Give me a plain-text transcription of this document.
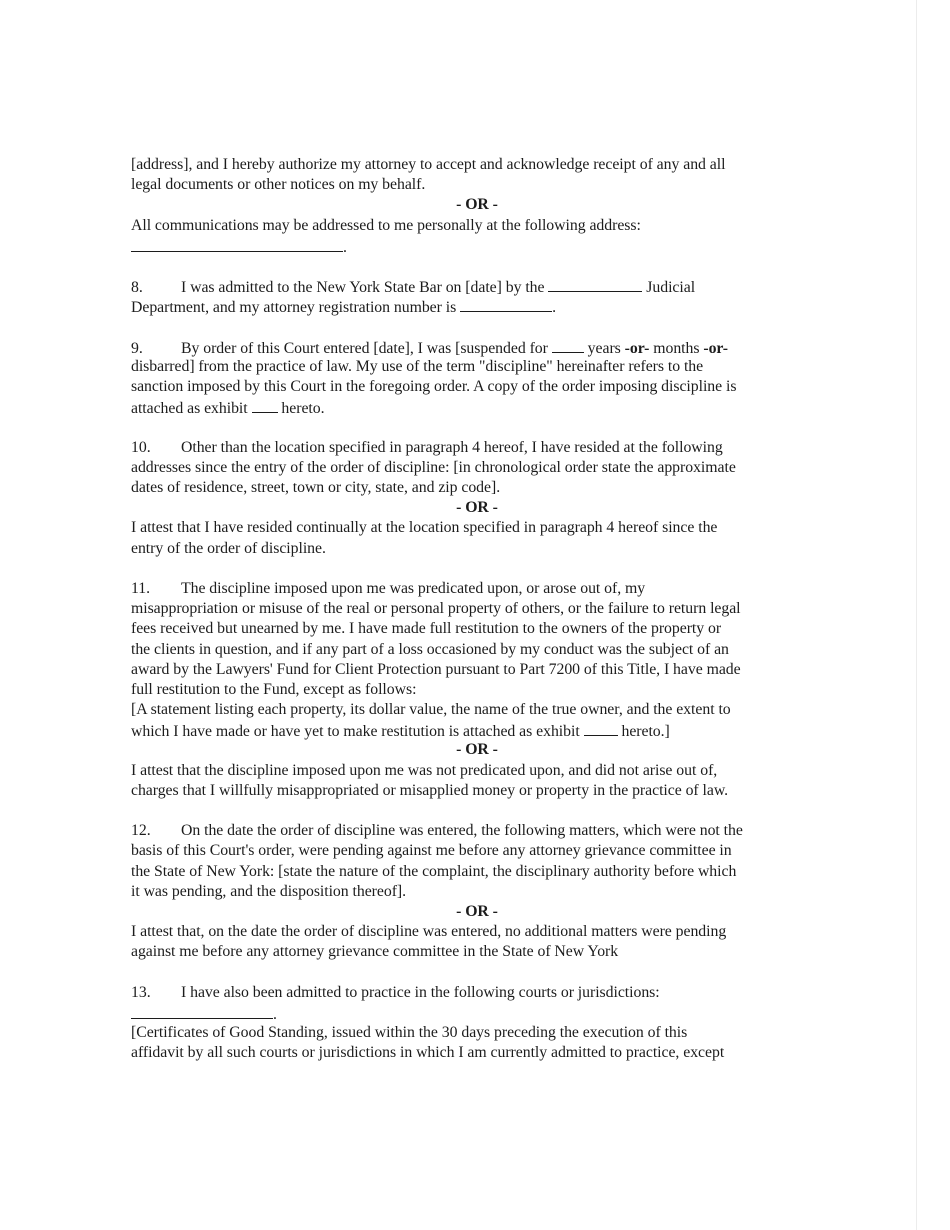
[address], and I hereby authorize my attorney to accept and acknowledge receipt of any and all
legal documents or other notices on my behalf.
- OR -
All communications may be addressed to me personally at the following address:
.
8. I was admitted to the New York State Bar on [date] by the	Judicial
Department, and my attorney registration number is	.
9. By order of this Court entered [date], I was [suspended for	years -or- months -or-
disbarred] from the practice of law. My use of the term "discipline" hereinafter refers to the
sanction imposed by this Court in the foregoing order. A copy of the order imposing discipline is
attached as exhibit hereto.
10. Other than the location specified in paragraph 4 hereof, I have resided at the following
addresses since the entry of the order of discipline: [in chronological order state the approximate
dates of residence, street, town or city, state, and zip code].
- OR -
I attest that I have resided continually at the location specified in paragraph 4 hereof since the
entry of the order of discipline.
11. The discipline imposed upon me was predicated upon, or arose out of, my
misappropriation or misuse of the real or personal property of others, or the failure to return legal
fees received but unearned by me. I have made full restitution to the owners of the property or
the clients in question, and if any part of a loss occasioned by my conduct was the subject of an
award by the Lawyers' Fund for Client Protection pursuant to Part 7200 of this Title, I have made
full restitution to the Fund, except as follows:
[A statement listing each property, its dollar value, the name of the true owner, and the extent to
which I have made or have yet to make restitution is attached as exhibit	hereto.]
- OR -
I attest that the discipline imposed upon me was not predicated upon, and did not arise out of,
charges that I willfully misappropriated or misapplied money or property in the practice of law.
12. On the date the order of discipline was entered, the following matters, which were not the
basis of this Court's order, were pending against me before any attorney grievance committee in
the State of New York: [state the nature of the complaint, the disciplinary authority before which
it was pending, and the disposition thereof].
- OR -
I attest that, on the date the order of discipline was entered, no additional matters were pending
against me before any attorney grievance committee in the State of New York
13. I have also been admitted to practice in the following courts or jurisdictions:
.
[Certificates of Good Standing, issued within the 30 days preceding the execution of this
affidavit by all such courts or jurisdictions in which I am currently admitted to practice, except
